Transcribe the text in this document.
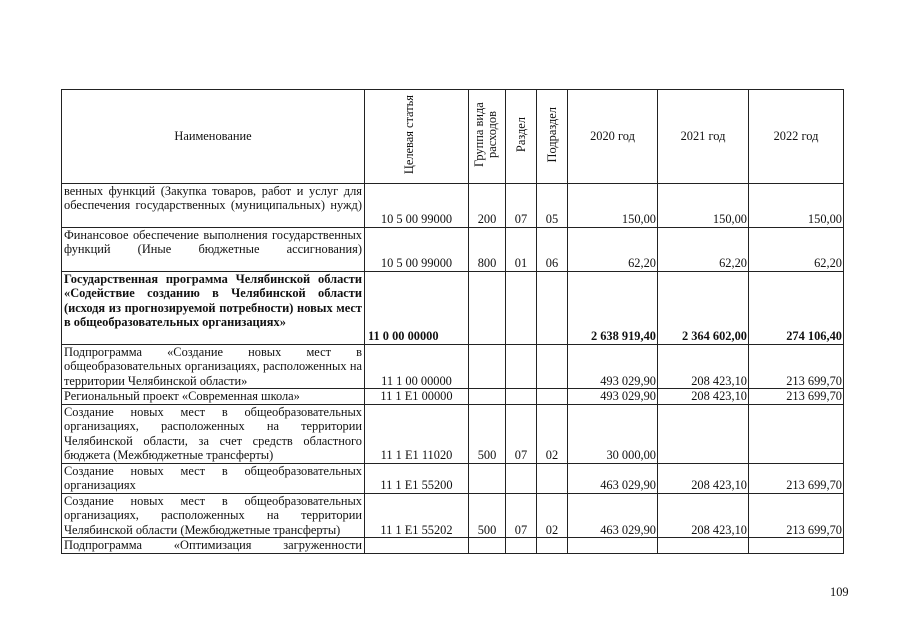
Наименование	Целевая статья	Группа вида расходов	Раздел	Подраздел	2020 год	2021 год	2022 год
венных функций (Закупка товаров, работ и услуг для обеспечения государственных (муниципальных) нужд)	10 5 00 99000	200	07	05	150,00	150,00	150,00
Финансовое обеспечение выполнения государственных функций (Иные бюджетные ассигнования)	10 5 00 99000	800	01	06	62,20	62,20	62,20
Государственная программа Челябинской области «Содействие созданию в Челябинской области (исходя из прогнозируемой потребности) новых мест в общеобразовательных организациях»	11 0 00 00000				2 638 919,40	2 364 602,00	274 106,40
Подпрограмма «Создание новых мест в общеобразовательных организациях, расположенных на территории Челябинской области»	11 1 00 00000				493 029,90	208 423,10	213 699,70
Региональный проект «Современная школа»	11 1 E1 00000				493 029,90	208 423,10	213 699,70
Создание новых мест в общеобразовательных организациях, расположенных на территории Челябинской области, за счет средств областного бюджета (Межбюджетные трансферты)	11 1 E1 11020	500	07	02	30 000,00		
Создание новых мест в общеобразовательных организациях	11 1 E1 55200				463 029,90	208 423,10	213 699,70
Создание новых мест в общеобразовательных организациях, расположенных на территории Челябинской области (Межбюджетные трансферты)	11 1 E1 55202	500	07	02	463 029,90	208 423,10	213 699,70
Подпрограмма «Оптимизация загруженности							
109
